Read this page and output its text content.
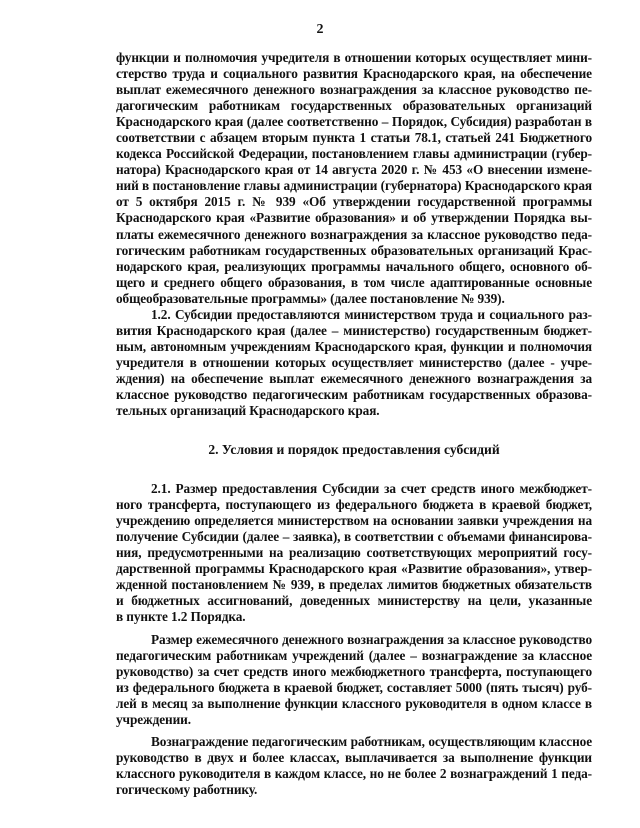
2
функции и полномочия учредителя в отношении которых осуществляет мини-
стерство труда и социального развития Краснодарского края, на обеспечение
выплат ежемесячного денежного вознаграждения за классное руководство пе-
дагогическим работникам государственных образовательных организаций
Краснодарского края (далее соответственно – Порядок, Субсидия) разработан в
соответствии с абзацем вторым пункта 1 статьи 78.1, статьей 241 Бюджетного
кодекса Российской Федерации, постановлением главы администрации (губер-
натора) Краснодарского края от 14 августа 2020 г. № 453 «О внесении измене-
ний в постановление главы администрации (губернатора) Краснодарского края
от 5 октября 2015 г. № 939 «Об утверждении государственной программы
Краснодарского края «Развитие образования» и об утверждении Порядка вы-
платы ежемесячного денежного вознаграждения за классное руководство педа-
гогическим работникам государственных образовательных организаций Крас-
нодарского края, реализующих программы начального общего, основного об-
щего и среднего общего образования, в том числе адаптированные основные
общеобразовательные программы» (далее постановление № 939).
1.2. Субсидии предоставляются министерством труда и социального раз-
вития Краснодарского края (далее – министерство) государственным бюджет-
ным, автономным учреждениям Краснодарского края, функции и полномочия
учредителя в отношении которых осуществляет министерство (далее - учре-
ждения) на обеспечение выплат ежемесячного денежного вознаграждения за
классное руководство педагогическим работникам государственных образова-
тельных организаций Краснодарского края.
2. Условия и порядок предоставления субсидий
2.1. Размер предоставления Субсидии за счет средств иного межбюджет-
ного трансферта, поступающего из федерального бюджета в краевой бюджет,
учреждению определяется министерством на основании заявки учреждения на
получение Субсидии (далее – заявка), в соответствии с объемами финансирова-
ния, предусмотренными на реализацию соответствующих мероприятий госу-
дарственной программы Краснодарского края «Развитие образования», утвер-
жденной постановлением № 939, в пределах лимитов бюджетных обязательств
и бюджетных ассигнований, доведенных министерству на цели, указанные
в пункте 1.2 Порядка.
Размер ежемесячного денежного вознаграждения за классное руководство
педагогическим работникам учреждений (далее – вознаграждение за классное
руководство) за счет средств иного межбюджетного трансферта, поступающего
из федерального бюджета в краевой бюджет, составляет 5000 (пять тысяч) руб-
лей в месяц за выполнение функции классного руководителя в одном классе в
учреждении.
Вознаграждение педагогическим работникам, осуществляющим классное
руководство в двух и более классах, выплачивается за выполнение функции
классного руководителя в каждом классе, но не более 2 вознаграждений 1 педа-
гогическому работнику.
